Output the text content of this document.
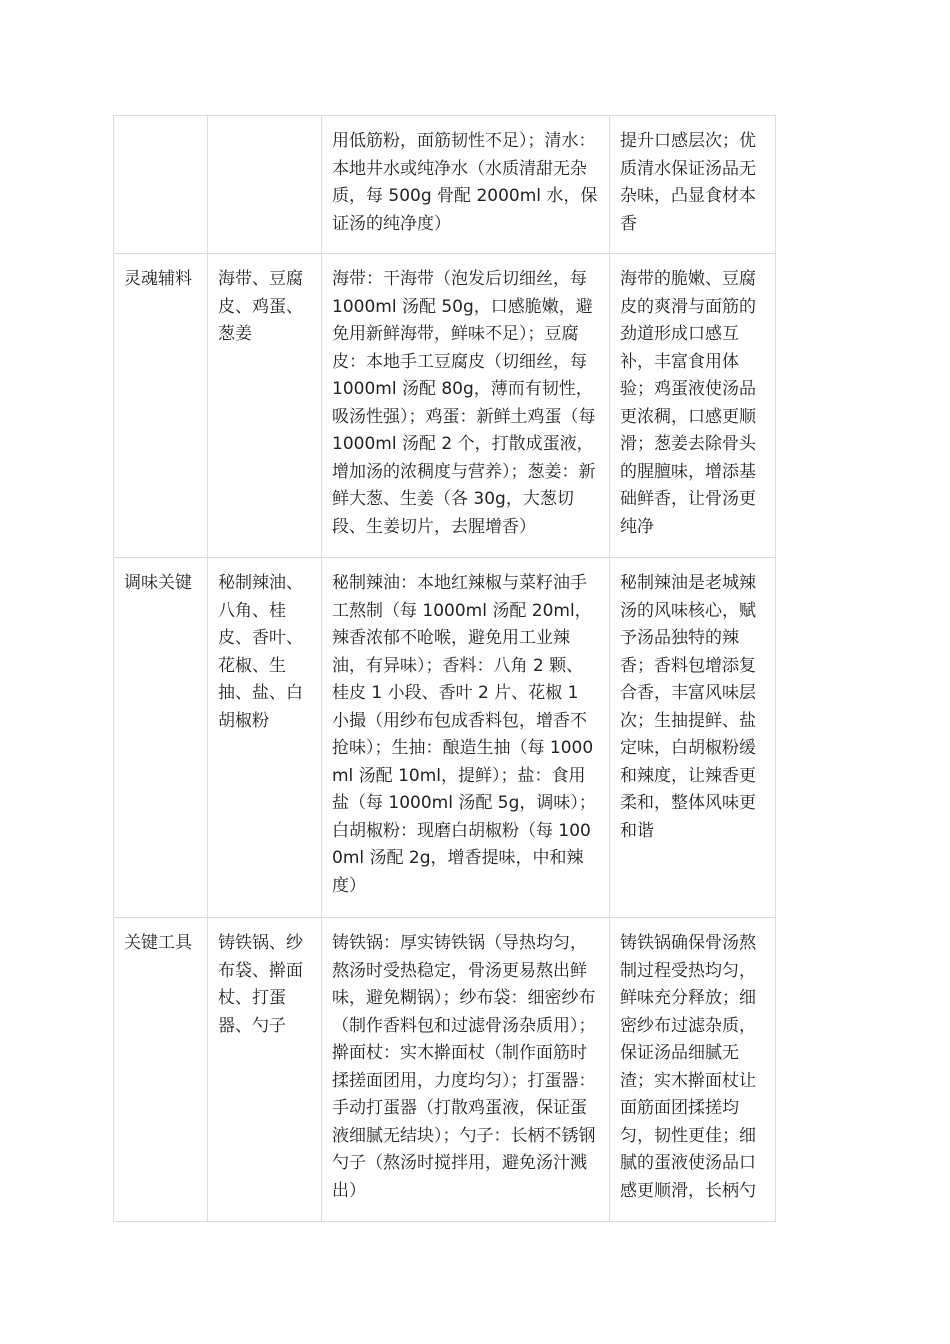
		用低筋粉，面筋韧性不足）；清水：本地井水或纯净水（水质清甜无杂质，每 500g 骨配 2000ml 水，保证汤的纯净度）	提升口感层次；优质清水保证汤品无杂味，凸显食材本香
灵魂辅料	海带、豆腐皮、鸡蛋、葱姜	海带：干海带（泡发后切细丝，每 1000ml 汤配 50g，口感脆嫩，避免用新鲜海带，鲜味不足）；豆腐皮：本地手工豆腐皮（切细丝，每 1000ml 汤配 80g，薄而有韧性，吸汤性强）；鸡蛋：新鲜土鸡蛋（每 1000ml 汤配 2 个，打散成蛋液，增加汤的浓稠度与营养）；葱姜：新鲜大葱、生姜（各 30g，大葱切段、生姜切片，去腥增香）	海带的脆嫩、豆腐皮的爽滑与面筋的劲道形成口感互补，丰富食用体验；鸡蛋液使汤品更浓稠，口感更顺滑；葱姜去除骨头的腥膻味，增添基础鲜香，让骨汤更纯净
调味关键	秘制辣油、八角、桂皮、香叶、花椒、生抽、盐、白胡椒粉	秘制辣油：本地红辣椒与菜籽油手工熬制（每 1000ml 汤配 20ml，辣香浓郁不呛喉，避免用工业辣油，有异味）；香料：八角 2 颗、桂皮 1 小段、香叶 2 片、花椒 1 小撮（用纱布包成香料包，增香不抢味）；生抽：酿造生抽（每 1000ml 汤配 10ml，提鲜）；盐：食用盐（每 1000ml 汤配 5g，调味）；白胡椒粉：现磨白胡椒粉（每 1000ml 汤配 2g，增香提味，中和辣度）	秘制辣油是老城辣汤的风味核心，赋予汤品独特的辣香；香料包增添复合香，丰富风味层次；生抽提鲜、盐定味，白胡椒粉缓和辣度，让辣香更柔和，整体风味更和谐
关键工具	铸铁锅、纱布袋、擀面杖、打蛋器、勺子	铸铁锅：厚实铸铁锅（导热均匀，熬汤时受热稳定，骨汤更易熬出鲜味，避免糊锅）；纱布袋：细密纱布（制作香料包和过滤骨汤杂质用）；擀面杖：实木擀面杖（制作面筋时揉搓面团用，力度均匀）；打蛋器：手动打蛋器（打散鸡蛋液，保证蛋液细腻无结块）；勺子：长柄不锈钢勺子（熬汤时搅拌用，避免汤汁溅出）	铸铁锅确保骨汤熬制过程受热均匀，鲜味充分释放；细密纱布过滤杂质，保证汤品细腻无渣；实木擀面杖让面筋面团揉搓均匀，韧性更佳；细腻的蛋液使汤品口感更顺滑，长柄勺
